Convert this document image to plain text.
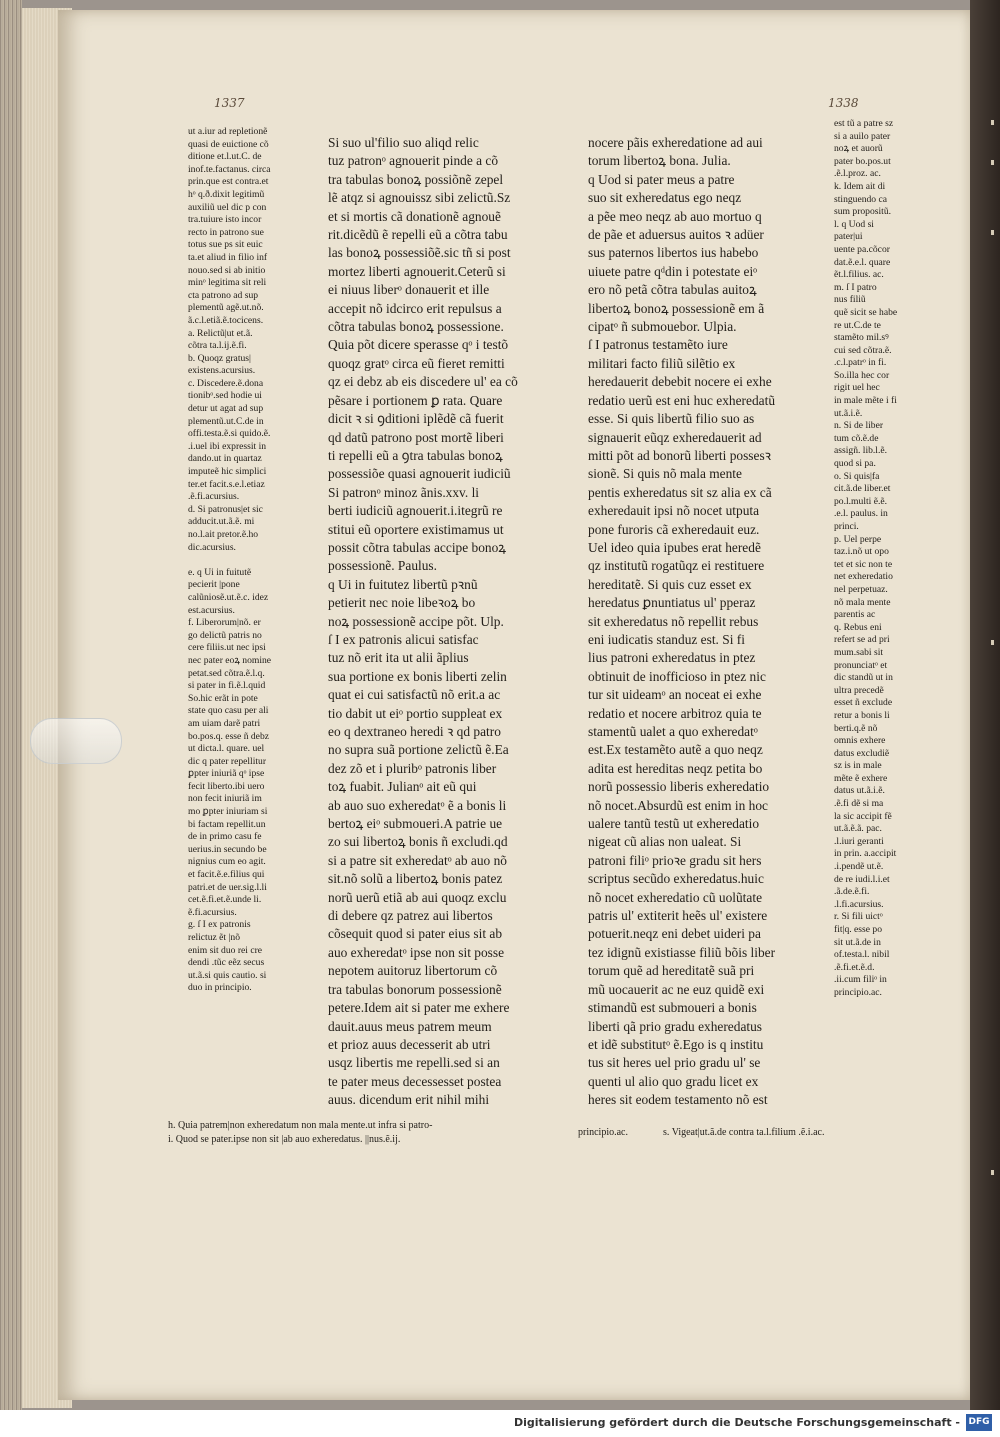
1337	1338
ut a.iur ad repletionẽ
quasi de euictione cõ
ditione et.l.ut.C. de
inof.te.factanus. circa
prin.que est contra.et
hᵒ q.ð.dixit legitimũ
auxiliũ uel dic p con
tra.tuiure isto incor
recto in patrono sue
totus sue ps sit euic
ta.et aliud in filio inf
nouo.sed si ab initio
minᵒ legitima sit reli
cta patrono ad sup
plementũ agẽ.ut.nõ.
ã.c.l.etiã.ẽ.tocicens.
a. Relictũ|ut et.ã.
cõtra ta.l.ij.ẽ.fi.
b. Quoqz gratus|
existens.acursius.
c. Discedere.ẽ.dona
tionibᵒ.sed hodie ui
detur ut agat ad sup
plementũ.ut.C.de in
offi.testa.ẽ.si quido.ẽ.
.i.uel ibi expressit in
dando.ut in quartaz
imputeẽ hic simplici
ter.et facit.s.e.l.etiaz
.ẽ.fi.acursius.
d. Si patronus|et sic
adducit.ut.ã.ẽ. mi
no.l.ait pretor.ẽ.ho
dic.acursius.

e. q Ui in fuitutẽ
pecierit |pone
calũniosẽ.ut.ẽ.c. idez
est.acursius.
f. Liberorum|nõ. er
go delictũ patris no
cere filiis.ut nec ipsi
nec pater eoꝝ nomine
petat.sed cõtra.ẽ.l.q.
si pater in fi.ẽ.l.quid
So.hic erãt in pote
state quo casu per ali
am uiam darẽ patri
bo.pos.q. esse ñ debz
ut dicta.l. quare. uel
dic q pater repellitur
ꝑpter iniuriã qᵒ ipse
fecit liberto.ibi uero
non fecit iniuriã im
mo ꝑpter iniuriam si
bi factam repellit.un
de in primo casu fe
uerius.in secundo be
nignius cum eo agit.
et facit.ẽ.e.filius qui
patri.et de uer.sig.l.li
cet.ẽ.fi.et.ẽ.unde li.
ẽ.fi.acursius.
g. ſ I ex patronis
relictuz ẽt |nõ
enim sit duo rei cre
dendi .tũc eẽz secus
ut.ã.si quis cautio. si
duo in principio.
Si suo ul'filio suo aliqd relic
tuz patronᵒ agnouerit pinde a cõ
tra tabulas bonoꝝ possiõnẽ zepel
lẽ atqz si agnouissz sibi zelictũ.Sz
et si mortis cã donationẽ agnouẽ
rit.dicẽdũ ẽ repelli eũ a cõtra tabu
las bonoꝝ possessiõẽ.sic tñ si post
mortez liberti agnouerit.Ceterũ si
ei niuus liberᵒ donauerit et ille
accepit nõ idcirco erit repulsus a
cõtra tabulas bonoꝝ possessione.
Quia põt dicere sperasse qᵒ i testõ
quoqz gratᵒ circa eũ fieret remitti
qz ei debz ab eis discedere ul' ea cõ
pẽsare i portionem ꝑ rata. Quare
dicit ꝛ si ꝯditioni iplẽdẽ cã fuerit
qd datũ patrono post mortẽ liberi
ti repelli eũ a ꝯtra tabulas bonoꝝ
possessiõe quasi agnouerit iudiciũ
Si patronᵒ minoz ãnis.xxv. li
berti iudiciũ agnouerit.i.itegrũ re
stitui eũ oportere existimamus ut
possit cõtra tabulas accipe bonoꝝ
possessionẽ. Paulus.
q Ui in fuitutez libertũ pꝛnũ
petierit nec noie libeꝛoꝝ bo
noꝝ possessionẽ accipe põt. Ulp.
ſ I ex patronis alicui satisfac
tuz nõ erit ita ut alii ãplius
sua portione ex bonis liberti zelin
quat ei cui satisfactũ nõ erit.a ac
tio dabit ut eiᵒ portio suppleat ex
eo q dextraneo heredi ꝛ qd patro
no supra suã portione zelictũ ẽ.Ea
dez zõ et i pluribᵒ patronis liber
toꝝ fuabit. Julianᵒ ait eũ qui
ab auo suo exheredatᵒ ẽ a bonis li
bertoꝝ eiᵒ submoueri.A patrie ue
zo sui libertoꝝ bonis ñ excludi.qd
si a patre sit exheredatᵒ ab auo nõ
sit.nõ solũ a libertoꝝ bonis patez
norũ uerũ etiã ab aui quoqz exclu
di debere qz patrez aui libertos
cõsequit quod si pater eius sit ab
auo exheredatᵒ ipse non sit posse
nepotem auitoruz libertorum cõ
tra tabulas bonorum possessionẽ
petere.Idem ait si pater me exhere
dauit.auus meus patrem meum
et prioz auus decesserit ab utri
usqz libertis me repelli.sed si an
te pater meus decessesset postea
auus. dicendum erit nihil mihi
nocere pãis exheredatione ad aui
torum libertoꝝ bona. Julia.
q Uod si pater meus a patre
suo sit exheredatus ego neqz
a pẽe meo neqz ab auo mortuo q
de pãe et aduersus auitos ꝛ adüer
sus paternos libertos ius habebo
uiuete patre qᵈdin i potestate eiᵒ
ero nõ petã cõtra tabulas auitoꝝ
libertoꝝ bonoꝝ possessionẽ em ã
cipatᵒ ñ submouebor. Ulpia.
ſ I patronus testamẽto iure
militari facto filiũ silẽtio ex
heredauerit debebit nocere ei exhe
redatio uerũ est eni huc exheredatũ
esse. Si quis libertũ filio suo as
signauerit eũqz exheredauerit ad
mitti põt ad bonorũ liberti possesꝛ
sionẽ. Si quis nõ mala mente
pentis exheredatus sit sz alia ex cã
exheredauit ipsi nõ nocet utputa
pone furoris cã exheredauit euz.
Uel ideo quia ipubes erat heredẽ
qz institutũ rogatũqz ei restituere
hereditatẽ. Si quis cuz esset ex
heredatus ꝑnuntiatus ul' pperaz
sit exheredatus nõ repellit rebus
eni iudicatis standuz est. Si fi
lius patroni exheredatus in ptez
obtinuit de inofficioso in ptez nic
tur sit uideamᵒ an noceat ei exhe
redatio et nocere arbitroz quia te
stamentũ ualet a quo exheredatᵒ
est.Ex testamẽto autẽ a quo neqz
adita est hereditas neqz petita bo
norũ possessio liberis exheredatio
nõ nocet.Absurdũ est enim in hoc
ualere tantũ testũ ut exheredatio
nigeat cũ alias non ualeat. Si
patroni filiᵒ prioꝛe gradu sit hers
scriptus secũdo exheredatus.huic
nõ nocet exheredatio cũ uolũtate
patris ul' extiterit heẽs ul' existere
potuerit.neqz eni debet uideri pa
tez idignũ existiasse filiũ bõis liber
torum quẽ ad hereditatẽ suã pri
mũ uocauerit ac ne euz quidẽ exi
stimandũ est submoueri a bonis
liberti qã prio gradu exheredatus
et idẽ substitutᵒ ẽ.Ego is q institu
tus sit heres uel prio gradu ul' se
quenti ul alio quo gradu licet ex
heres sit eodem testamento nõ est
est tũ a patre sz
si a auilo pater
noꝝ et auorũ
pater bo.pos.ut
.ẽ.l.proz. ac.
k. Idem ait di
stinguendo ca
sum propositũ.
l. q Uod si
pater|ui
uente pa.cõcor
dat.ẽ.e.l. quare
ẽt.l.filius. ac.
m. ſ I patro
nus filiũ
quẽ sicit se habe
re ut.C.de te
stamẽto mil.sꝰ
cui sed cõtra.ẽ.
.c.l.patrᵒ in fi.
So.illa hec cor
rigit uel hec
in male mẽte i fi
ut.ã.i.ẽ.
n. Si de liber
tum cõ.ẽ.de
assigñ. lib.l.ẽ.
quod si pa.
o. Si quis|fa
cit.ã.de liber.et
po.l.multi ẽ.ẽ.
.e.l. paulus. in
princi.
p. Uel perpe
taz.i.nõ ut opo
tet et sic non te
net exheredatio
nel perpetuaz.
nõ mala mente
parentis ac
q. Rebus eni
refert se ad pri
mum.sabi sit
pronunciatᵒ et
dic standũ ut in
ultra precedẽ
esset ñ exclude
retur a bonis li
berti.q.ẽ nõ
omnis exhere
datus excludiẽ
sz is in male
mẽte ẽ exhere
datus ut.ã.i.ẽ.
.ẽ.fi dẽ si ma
la sic accipit fẽ
ut.ã.ẽ.ã. pac.
.l.iuri geranti
in prin. a.accipit
.i.pendẽ ut.ẽ.
de re iudi.l.i.et
.ã.de.ẽ.fi.
.l.fi.acursius.
r. Si fili uictᵒ
fit|q. esse po
sit ut.ã.de in
of.testa.l. nibil
.ẽ.fi.et.ẽ.d.
.ii.cum filiᵒ in
principio.ac.
h. Quia patrem|non exheredatum non mala mente.ut infra si patro-
i. Quod se pater.ipse non sit |ab auo exheredatus. ||nus.ẽ.ij.
principio.ac.	s. Vigeat|ut.ã.de contra ta.l.filium .ẽ.i.ac.
Digitalisierung gefördert durch die Deutsche Forschungsgemeinschaft - DFG
